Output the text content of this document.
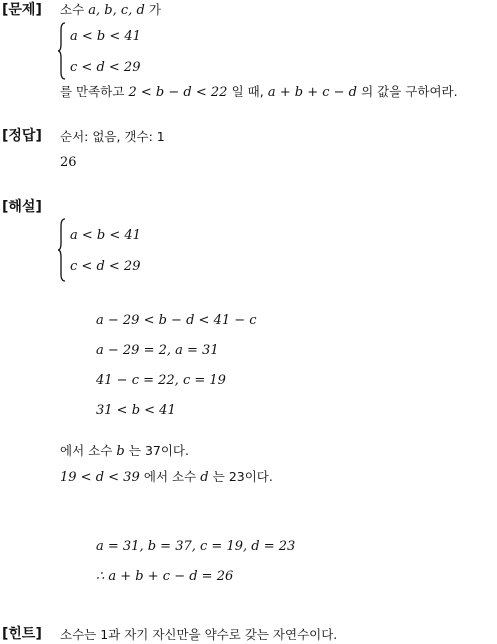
[문제] 소수 a, b, c, d 가
a < b < 41
c < d < 29
를 만족하고 2 < b − d < 22 일 때, a + b + c − d 의 값을 구하여라.
[정답] 순서: 없음, 갯수: 1
26
[해설]
a < b < 41
c < d < 29
a − 29 < b − d < 41 − c
a − 29 = 2, a = 31
41 − c = 22, c = 19
31 < b < 41
에서 소수 b 는 37이다.
19 < d < 39 에서 소수 d 는 23이다.
a = 31, b = 37, c = 19, d = 23
∴ a + b + c − d = 26
[힌트] 소수는 1과 자기 자신만을 약수로 갖는 자연수이다.
